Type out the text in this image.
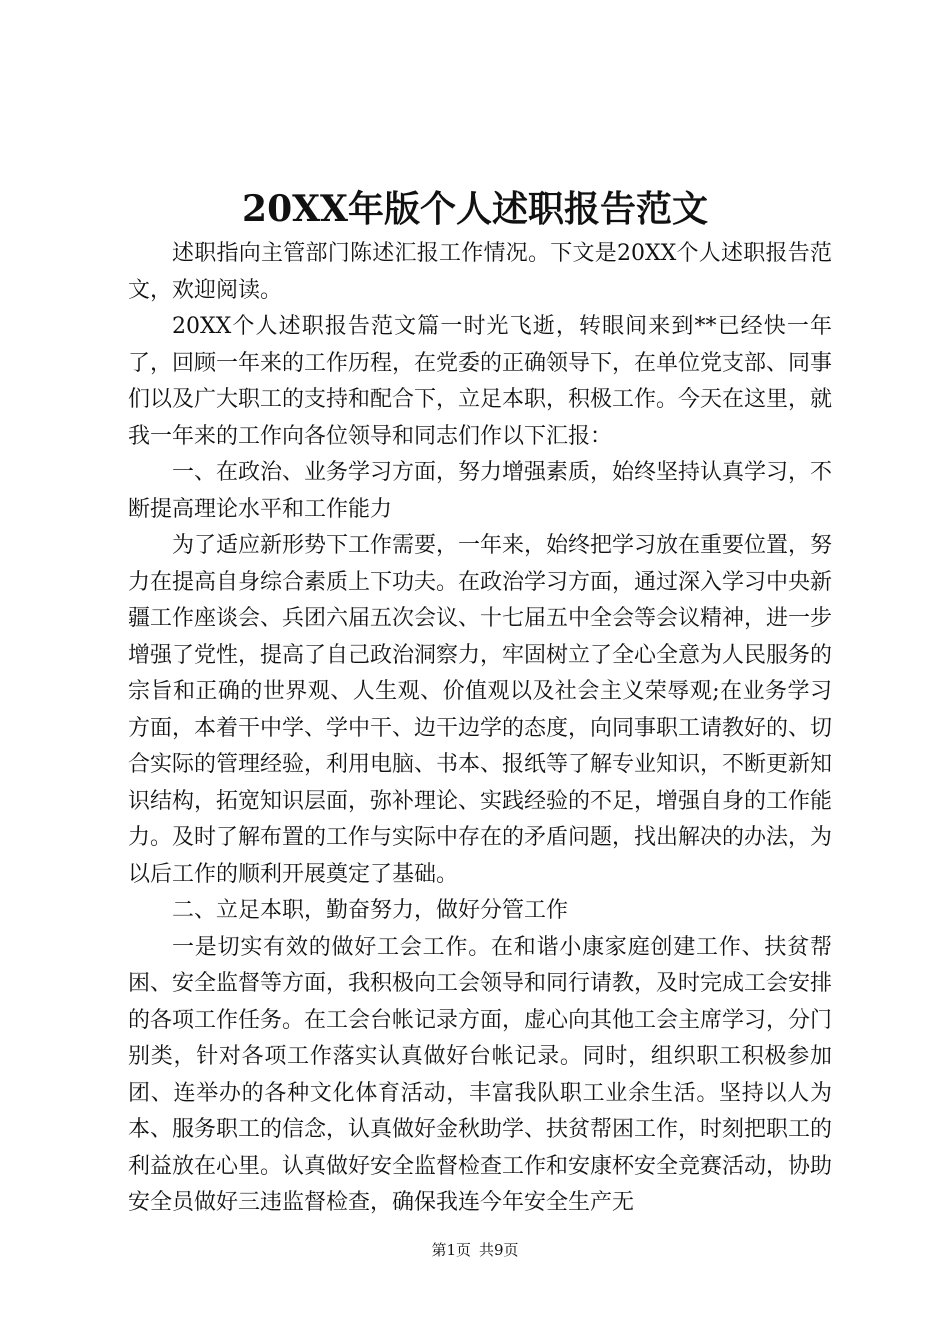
20XX年版个人述职报告范文

述职指向主管部门陈述汇报工作情况。下文是20XX个人述职报告范文，欢迎阅读。

20XX个人述职报告范文篇一时光飞逝，转眼间来到**已经快一年了，回顾一年来的工作历程，在党委的正确领导下，在单位党支部、同事们以及广大职工的支持和配合下，立足本职，积极工作。今天在这里，就我一年来的工作向各位领导和同志们作以下汇报：

一、在政治、业务学习方面，努力增强素质，始终坚持认真学习，不断提高理论水平和工作能力

为了适应新形势下工作需要，一年来，始终把学习放在重要位置，努力在提高自身综合素质上下功夫。在政治学习方面，通过深入学习中央新疆工作座谈会、兵团六届五次会议、十七届五中全会等会议精神，进一步增强了党性，提高了自己政治洞察力，牢固树立了全心全意为人民服务的宗旨和正确的世界观、人生观、价值观以及社会主义荣辱观;在业务学习方面，本着干中学、学中干、边干边学的态度，向同事职工请教好的、切合实际的管理经验，利用电脑、书本、报纸等了解专业知识，不断更新知识结构，拓宽知识层面，弥补理论、实践经验的不足，增强自身的工作能力。及时了解布置的工作与实际中存在的矛盾问题，找出解决的办法，为以后工作的顺利开展奠定了基础。

二、立足本职，勤奋努力，做好分管工作

一是切实有效的做好工会工作。在和谐小康家庭创建工作、扶贫帮困、安全监督等方面，我积极向工会领导和同行请教，及时完成工会安排的各项工作任务。在工会台帐记录方面，虚心向其他工会主席学习，分门别类，针对各项工作落实认真做好台帐记录。同时，组织职工积极参加团、连举办的各种文化体育活动，丰富我队职工业余生活。坚持以人为本、服务职工的信念，认真做好金秋助学、扶贫帮困工作，时刻把职工的利益放在心里。认真做好安全监督检查工作和安康杯安全竞赛活动，协助安全员做好三违监督检查，确保我连今年安全生产无

第1页 共9页
